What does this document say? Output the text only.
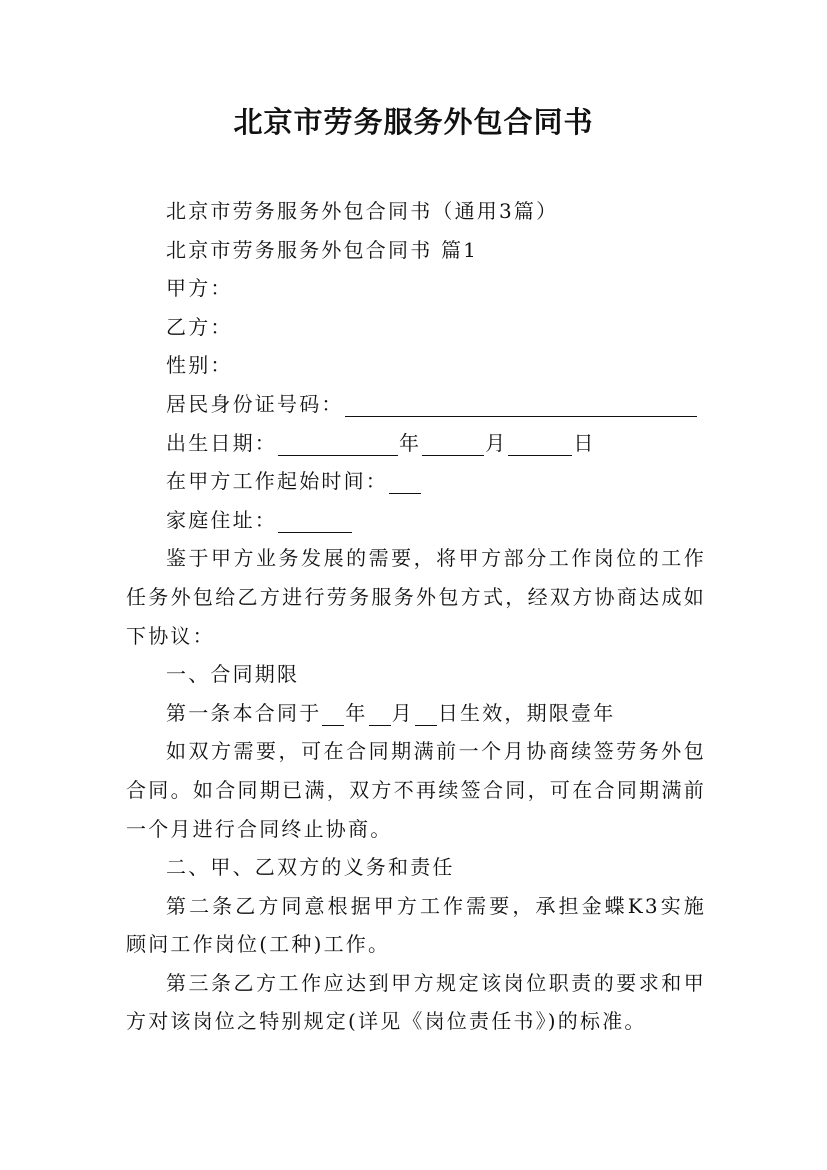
北京市劳务服务外包合同书

北京市劳务服务外包合同书（通用3篇）

北京市劳务服务外包合同书 篇1

甲方：

乙方：

性别：

居民身份证号码：

出生日期：	年	月	日

在甲方工作起始时间：

家庭住址：

鉴于甲方业务发展的需要，将甲方部分工作岗位的工作任务外包给乙方进行劳务服务外包方式，经双方协商达成如下协议：

一、合同期限

第一条本合同于 年 月 日生效，期限壹年

如双方需要，可在合同期满前一个月协商续签劳务外包合同。如合同期已满，双方不再续签合同，可在合同期满前一个月进行合同终止协商。

二、甲、乙双方的义务和责任

第二条乙方同意根据甲方工作需要，承担金蝶K3实施顾问工作岗位(工种)工作。

第三条乙方工作应达到甲方规定该岗位职责的要求和甲方对该岗位之特别规定(详见《岗位责任书》)的标准。
